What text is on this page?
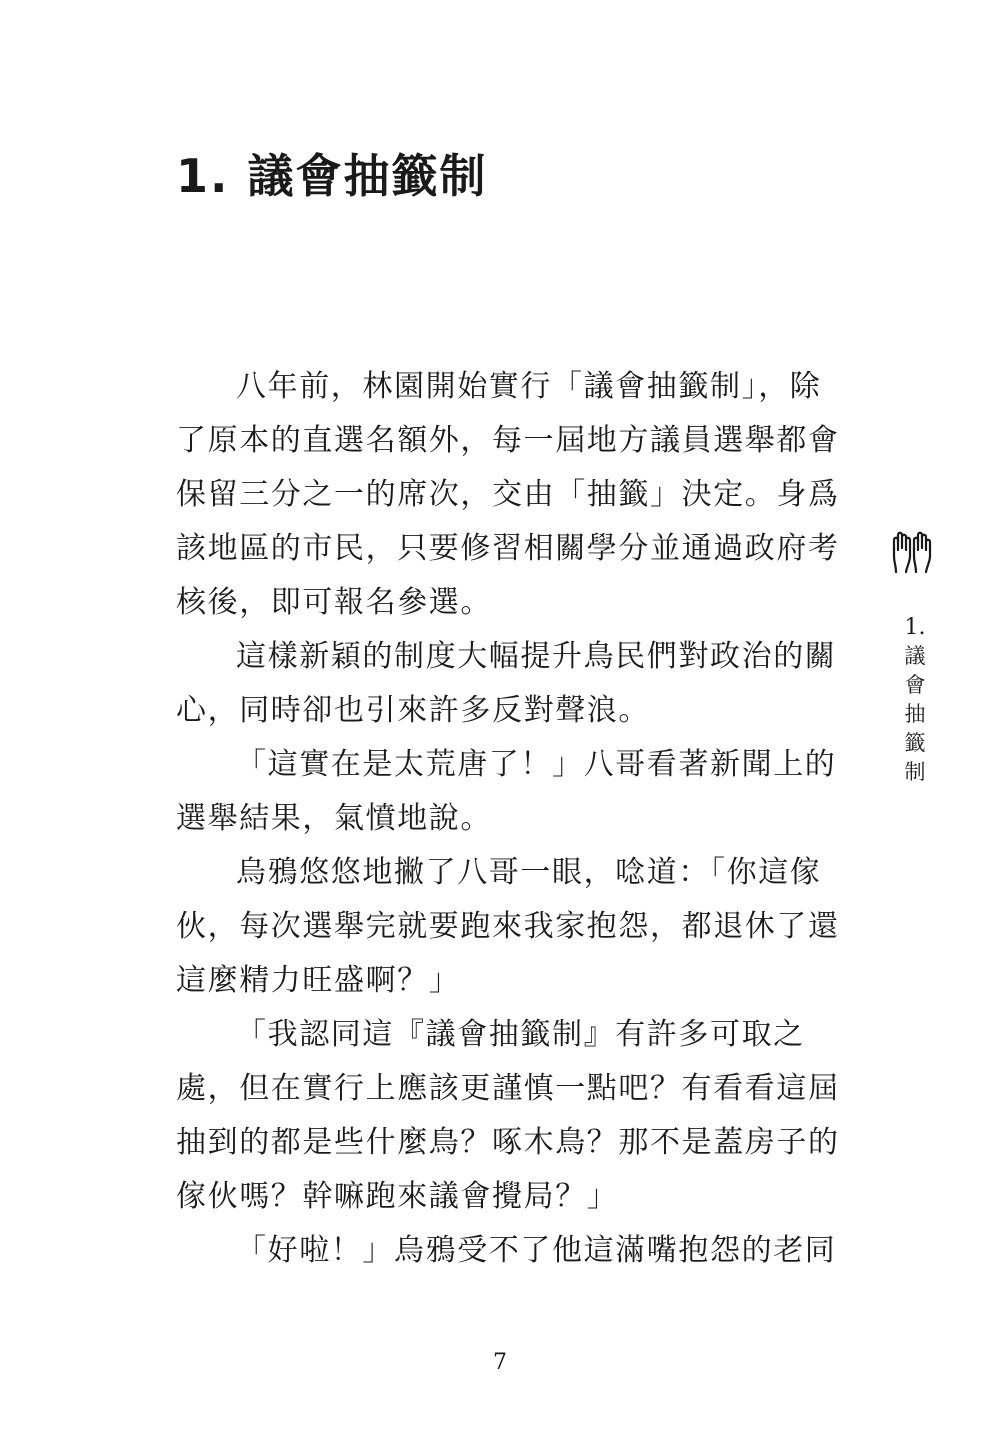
1. 議會抽籤制
八年前，林園開始實行「議會抽籤制」，除
了原本的直選名額外，每一屆地方議員選舉都會
保留三分之一的席次，交由「抽籤」決定。身爲
該地區的市民，只要修習相關學分並通過政府考
核後，即可報名參選。
這樣新穎的制度大幅提升鳥民們對政治的關
心，同時卻也引來許多反對聲浪。
「這實在是太荒唐了！」八哥看著新聞上的
選舉結果，氣憤地說。
烏鴉悠悠地撇了八哥一眼，唸道：「你這傢
伙，每次選舉完就要跑來我家抱怨，都退休了還
這麼精力旺盛啊？」
「我認同這『議會抽籤制』有許多可取之
處，但在實行上應該更謹慎一點吧？有看看這屆
抽到的都是些什麼鳥？啄木鳥？那不是蓋房子的
傢伙嗎？幹嘛跑來議會攪局？」
「好啦！」烏鴉受不了他這滿嘴抱怨的老同
1.
議
會
抽
籤
制
7
